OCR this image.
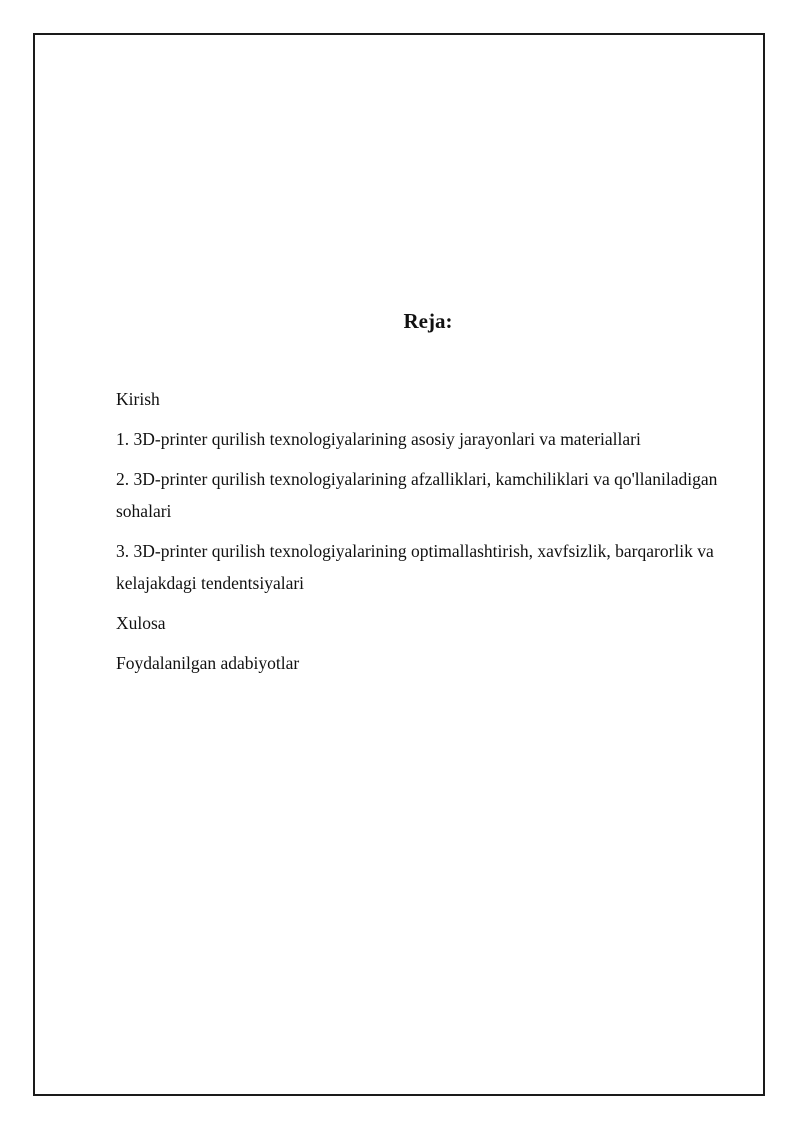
Reja:
Kirish
1. 3D-printer qurilish texnologiyalarining asosiy jarayonlari va materiallari
2. 3D-printer qurilish texnologiyalarining afzalliklari, kamchiliklari va qo'llaniladigan sohalari
3. 3D-printer qurilish texnologiyalarining optimallashtirish, xavfsizlik, barqarorlik va kelajakdagi tendentsiyalari
Xulosa
Foydalanilgan adabiyotlar
